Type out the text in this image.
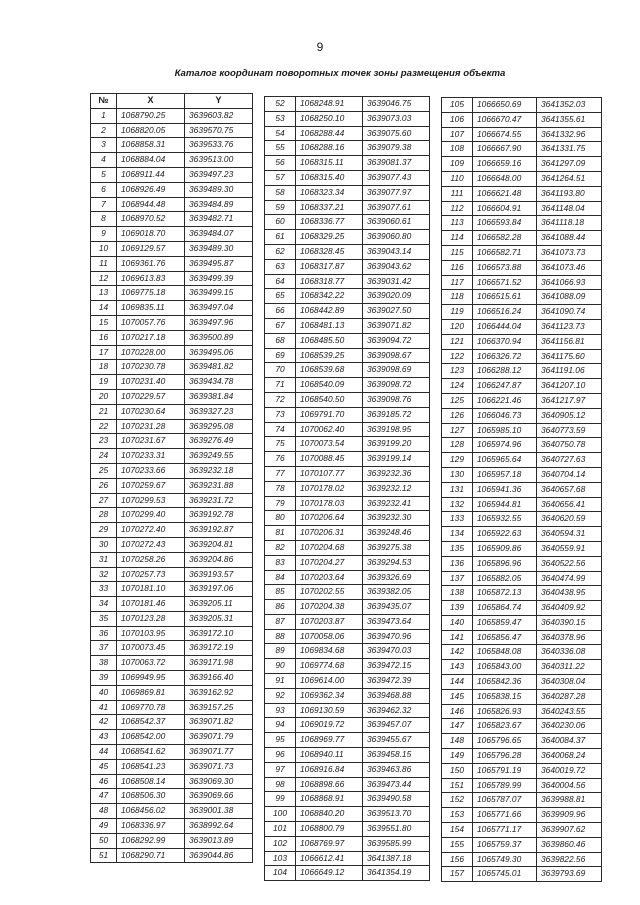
9
Каталог координат поворотных точек зоны размещения объекта
№	X	Y
1	1068790.25	3639603.82
2	1068820.05	3639570.75
3	1068858.31	3639533.76
4	1068884.04	3639513.00
5	1068911.44	3639497.23
6	1068926.49	3639489.30
7	1068944.48	3639484.89
8	1068970.52	3639482.71
9	1069018.70	3639484.07
10	1069129.57	3639489.30
11	1069361.76	3639495.87
12	1069613.83	3639499.39
13	1069775.18	3639499.15
14	1069835.11	3639497.04
15	1070057.76	3639497.96
16	1070217.18	3639500.89
17	1070228.00	3639495.06
18	1070230.78	3639481.82
19	1070231.40	3639434.78
20	1070229.57	3639381.84
21	1070230.64	3639327.23
22	1070231.28	3639295.08
23	1070231.67	3639276.49
24	1070233.31	3639249.55
25	1070233.66	3639232.18
26	1070259.67	3639231.88
27	1070299.53	3639231.72
28	1070299.40	3639192.78
29	1070272.40	3639192.87
30	1070272.43	3639204.81
31	1070258.26	3639204.86
32	1070257.73	3639193.57
33	1070181.10	3639197.06
34	1070181.46	3639205.11
35	1070123.28	3639205.31
36	1070103.95	3639172.10
37	1070073.45	3639172.19
38	1070063.72	3639171.98
39	1069949.95	3639166.40
40	1069869.81	3639162.92
41	1069770.78	3639157.25
42	1068542.37	3639071.82
43	1068542.00	3639071.79
44	1068541.62	3639071.77
45	1068541.23	3639071.73
46	1068508.14	3639069.30
47	1068506.30	3639069.66
48	1068456.02	3639001.38
49	1068336.97	3638992.64
50	1068292.99	3639013.89
51	1068290.71	3639044.86
52	1068248.91	3639046.75
53	1068250.10	3639073.03
54	1068288.44	3639075.60
55	1068288.16	3639079.38
56	1068315.11	3639081.37
57	1068315.40	3639077.43
58	1068323.34	3639077.97
59	1068337.21	3639077.61
60	1068336.77	3639060.61
61	1068329.25	3639060.80
62	1068328.45	3639043.14
63	1068317.87	3639043.62
64	1068318.77	3639031.42
65	1068342.22	3639020.09
66	1068442.89	3639027.50
67	1068481.13	3639071.82
68	1068485.50	3639094.72
69	1068539.25	3639098.67
70	1068539.68	3639098.69
71	1068540.09	3639098.72
72	1068540.50	3639098.76
73	1069791.70	3639185.72
74	1070062.40	3639198.95
75	1070073.54	3639199.20
76	1070088.45	3639199.14
77	1070107.77	3639232.36
78	1070178.02	3639232.12
79	1070178.03	3639232.41
80	1070206.64	3639232.30
81	1070206.31	3639248.46
82	1070204.68	3639275.38
83	1070204.27	3639294.53
84	1070203.64	3639326.69
85	1070202.55	3639382.05
86	1070204.38	3639435.07
87	1070203.87	3639473.64
88	1070058.06	3639470.96
89	1069834.68	3639470.03
90	1069774.68	3639472.15
91	1069614.00	3639472.39
92	1069362.34	3639468.88
93	1069130.59	3639462.32
94	1069019.72	3639457.07
95	1068969.77	3639455.67
96	1068940.11	3639458.15
97	1068916.84	3639463.86
98	1068898.66	3639473.44
99	1068868.91	3639490.58
100	1068840.20	3639513.70
101	1068800.79	3639551.80
102	1068769.97	3639585.99
103	1066612.41	3641387.18
104	1066649.12	3641354.19
105	1066650.69	3641352.03
106	1066670.47	3641355.61
107	1066674.55	3641332.96
108	1066667.90	3641331.75
109	1066659.16	3641297.09
110	1066648.00	3641264.51
111	1066621.48	3641193.80
112	1066604.91	3641148.04
113	1066593.84	3641118.18
114	1066582.28	3641088.44
115	1066582.71	3641073.73
116	1066573.88	3641073.46
117	1066571.52	3641066.93
118	1066515.61	3641088.09
119	1066516.24	3641090.74
120	1066444.04	3641123.73
121	1066370.94	3641156.81
122	1066326.72	3641175.60
123	1066288.12	3641191.06
124	1066247.87	3641207.10
125	1066221.46	3641217.97
126	1066046.73	3640905.12
127	1065985.10	3640773.59
128	1065974.96	3640750.78
129	1065965.64	3640727.63
130	1065957.18	3640704.14
131	1065941.36	3640657.68
132	1065944.81	3640656.41
133	1065932.55	3640620.59
134	1065922.63	3640594.31
135	1065909.86	3640559.91
136	1065896.96	3640522.56
137	1065882.05	3640474.99
138	1065872.13	3640438.95
139	1065864.74	3640409.92
140	1065859.47	3640390.15
141	1065856.47	3640378.96
142	1065848.08	3640336.08
143	1065843.00	3640311.22
144	1065842.36	3640308.04
145	1065838.15	3640287.28
146	1065826.93	3640243.55
147	1065823.67	3640230.06
148	1065796.65	3640084.37
149	1065796.28	3640068.24
150	1065791.19	3640019.72
151	1065789.99	3640004.56
152	1065787.07	3639988.81
153	1065771.66	3639909.96
154	1065771.17	3639907.62
155	1065759.37	3639860.46
156	1065749.30	3639822.56
157	1065745.01	3639793.69
